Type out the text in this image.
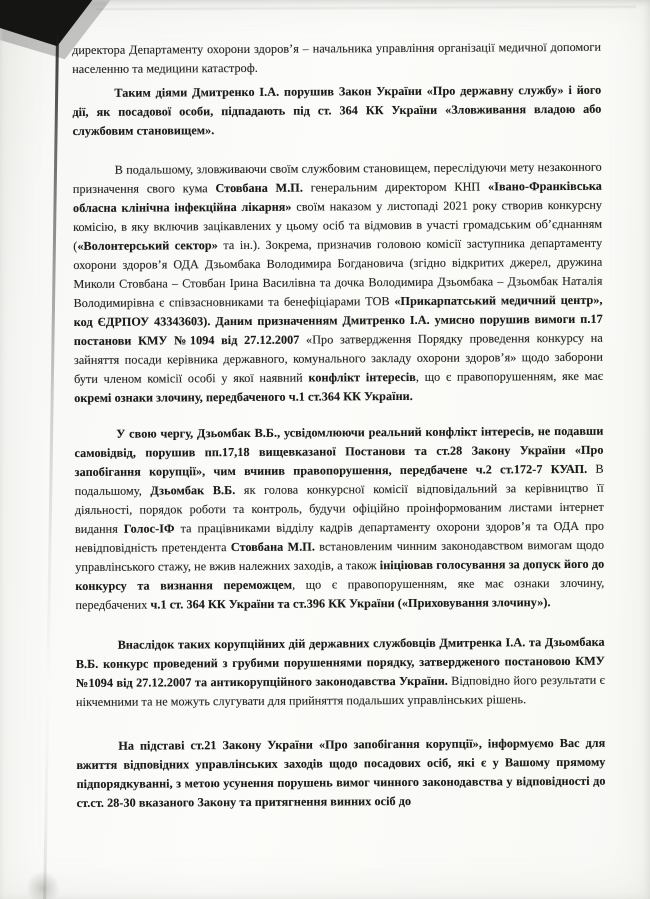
директора Департаменту охорони здоров’я – начальника управління організації медичної допомоги населенню та медицини катастроф.

Таким діями Дмитренко І.А. порушив Закон України «Про державну службу» і його дії, як посадової особи, підпадають під ст. 364 КК України «Зловживання владою або службовим становищем».

В подальшому, зловживаючи своїм службовим становищем, переслідуючи мету незаконного призначення свого кума Стовбана М.П. генеральним директором КНП «Івано-Франківська обласна клінічна інфекційна лікарня» своїм наказом у листопаді 2021 року створив конкурсну комісію, в яку включив зацікавлених у цьому осіб та відмовив в участі громадським об’єднанням («Волонтерський сектор» та ін.). Зокрема, призначив головою комісії заступника департаменту охорони здоров’я ОДА Дзьомбака Володимира Богдановича (згідно відкритих джерел, дружина Миколи Стовбана – Стовбан Ірина Василівна та дочка Володимира Дзьомбака – Дзьомбак Наталія Володимирівна є співзасновниками та бенефіціарами ТОВ «Прикарпатський медичний центр», код ЄДРПОУ 43343603). Даним призначенням Дмитренко І.А. умисно порушив вимоги п.17 постанови КМУ №1094 від 27.12.2007 «Про затвердження Порядку проведення конкурсу на зайняття посади керівника державного, комунального закладу охорони здоров’я» щодо заборони бути членом комісії особі у якої наявний конфлікт інтересів, що є правопорушенням, яке має окремі ознаки злочину, передбаченого ч.1 ст.364 КК України.

У свою чергу, Дзьомбак В.Б., усвідомлюючи реальний конфлікт інтересів, не подавши самовідвід, порушив пп.17,18 вищевказаної Постанови та ст.28 Закону України «Про запобігання корупції», чим вчинив правопорушення, передбачене ч.2 ст.172-7 КУАП. В подальшому, Дзьомбак В.Б. як голова конкурсної комісії відповідальний за керівництво її діяльності, порядок роботи та контроль, будучи офіційно проінформованим листами інтернет видання Голос-ІФ та працівниками відділу кадрів департаменту охорони здоров’я та ОДА про невідповідність претендента Стовбана М.П. встановленим чинним законодавством вимогам щодо управлінського стажу, не вжив належних заходів, а також ініціював голосування за допуск його до конкурсу та визнання переможцем, що є правопорушенням, яке має ознаки злочину, передбачених ч.1 ст. 364 КК України та ст.396 КК України («Приховування злочину»).

Внаслідок таких корупційних дій державних службовців Дмитренка І.А. та Дзьомбака В.Б. конкурс проведений з грубими порушеннями порядку, затвердженого постановою КМУ №1094 від 27.12.2007 та антикорупційного законодавства України. Відповідно його результати є нікчемними та не можуть слугувати для прийняття подальших управлінських рішень.

На підставі ст.21 Закону України «Про запобігання корупції», інформуємо Вас для вжиття відповідних управлінських заходів щодо посадових осіб, які є у Вашому прямому підпорядкуванні, з метою усунення порушень вимог чинного законодавства у відповідності до ст.ст. 28-30 вказаного Закону та притягнення винних осіб до
